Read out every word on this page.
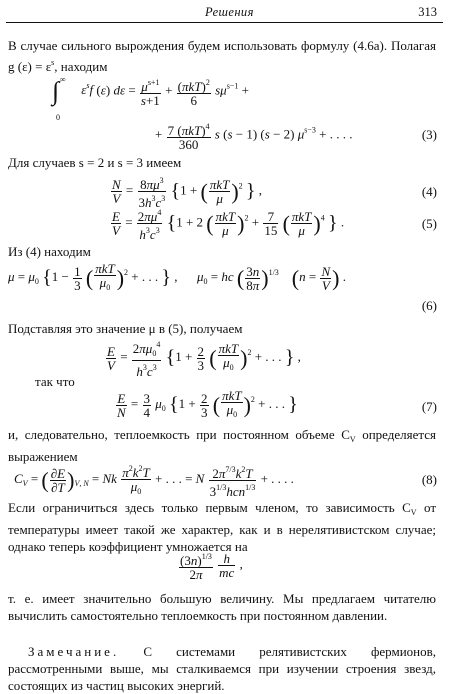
Решения	313
В случае сильного вырождения будем использовать формулу (4.6а). Полагая g $(\varepsilon) = \varepsilon^s$, находим
∞
∫
0
$\varepsilon^sf$ (ε) $d\varepsilon = \frac{\mu^{s+1}}{s+1} + \frac{(\pi kT)^2}{6} s\mu^{s-1}$ +
+ $\frac{7 (\pi kT)^4}{360}$ s (s − 1) (s − 2) $\mu^{s-3}$ + . . . .	(3)
Для случаев s = 2 и s = 3 имеем
$\frac{N}{V} = \frac{8\pi\mu^3}{3h^3c^3} \{1$ + ( $\frac{\text{πkT}}{\mu} )^2$ } ,	(4)
$\frac{E}{V} = \frac{2\pi\mu^4}{h^3c^3} \{1 + 2$ ( $\frac{\text{πkT}}{\mu} )^2 + \frac{7}{15}$ ( $\frac{\text{πkT}}{\mu} )^4$ } .	(5)
Из (4) находим
$\mu = \mu_0$ {$1 - \frac{1}{3}$ ( $\frac{\text{πkT}}{\mu_0} )^2$ + . . . } ,      $\mu_0$ = hc ( $\frac{3n}{8\pi} )^{1/3}$ ($n = \frac{N}{V}$ ) .
(6)
Подставляя это значение μ в (5), получаем
$\frac{E}{V} = \frac{2\pi\mu_0^4}{h^3c^3} \{1 + \frac{2}{3}$ ( $\frac{\text{πkT}}{\mu_0} )^2$ + . . . } ,
так что
$\frac{E}{N} = \frac{3}{4} \mu_0$ {$1 + \frac{2}{3}$ ( $\frac{\text{πkT}}{\mu_0} )^2$ + . . . }	(7)
и, следовательно, теплоемкость при постоянном объеме $C_V$ определяется выражением
$C_V$ = ( $\frac{\partial E}{\partial T} )_{V, N} = Nk \frac{\pi^2k^2T}{\mu_0}$ + . . . = N $\frac{2\pi^{7/3}k^2T}{3^{1/3}hcn^{1/3}}$ + . . . .	(8)
Если ограничиться здесь только первым членом, то зависимость $C_V$ от температуры имеет такой же характер, как и в нерелятивистском случае; однако теперь коэффициент умножается на
$\frac{(3n)^{1/3}}{2\pi}$
$\frac{h}{mc}$ ,
т. е. имеет значительно большую величину. Мы предлагаем читателю вычислить самостоятельно теплоемкость при постоянном давлении.
Замечание. С системами релятивистских фермионов, рассмотренными выше, мы сталкиваемся при изучении строения звезд, состоящих из частиц высоких энергий.
